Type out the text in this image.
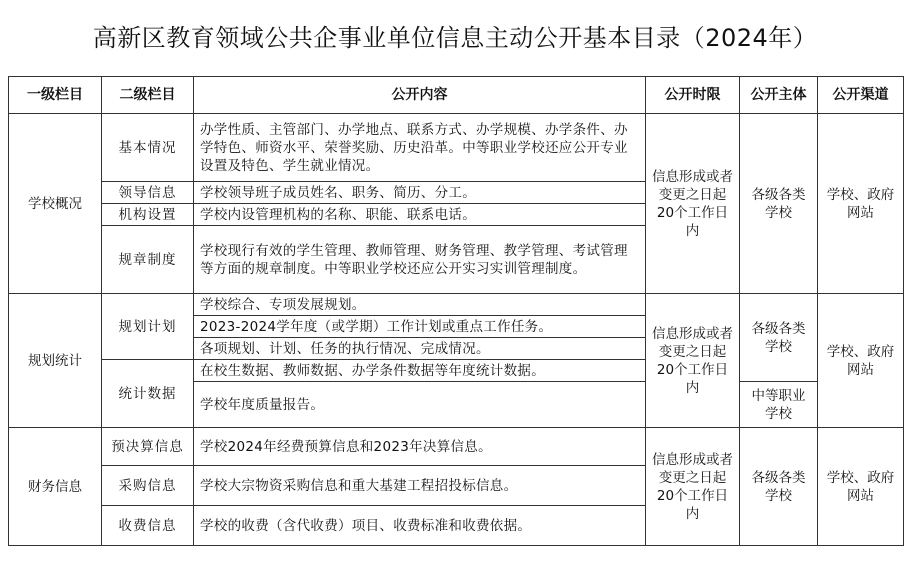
高新区教育领域公共企事业单位信息主动公开基本目录（2024年）
一级栏目	二级栏目	公开内容	公开时限	公开主体	公开渠道
学校概况	基本情况	办学性质、主管部门、办学地点、联系方式、办学规模、办学条件、办学特色、师资水平、荣誉奖励、历史沿革。中等职业学校还应公开专业设置及特色、学生就业情况。	信息形成或者变更之日起20个工作日内	各级各类学校	学校、政府网站
	领导信息	学校领导班子成员姓名、职务、简历、分工。			
	机构设置	学校内设管理机构的名称、职能、联系电话。			
	规章制度	学校现行有效的学生管理、教师管理、财务管理、教学管理、考试管理等方面的规章制度。中等职业学校还应公开实习实训管理制度。			
规划统计	规划计划	学校综合、专项发展规划。	信息形成或者变更之日起20个工作日内	各级各类学校	学校、政府网站
		2023-2024学年度（或学期）工作计划或重点工作任务。			
		各项规划、计划、任务的执行情况、完成情况。			
	统计数据	在校生数据、教师数据、办学条件数据等年度统计数据。			
		学校年度质量报告。		中等职业学校	
财务信息	预决算信息	学校2024年经费预算信息和2023年决算信息。	信息形成或者变更之日起20个工作日内	各级各类学校	学校、政府网站
	采购信息	学校大宗物资采购信息和重大基建工程招投标信息。			
	收费信息	学校的收费（含代收费）项目、收费标准和收费依据。			
